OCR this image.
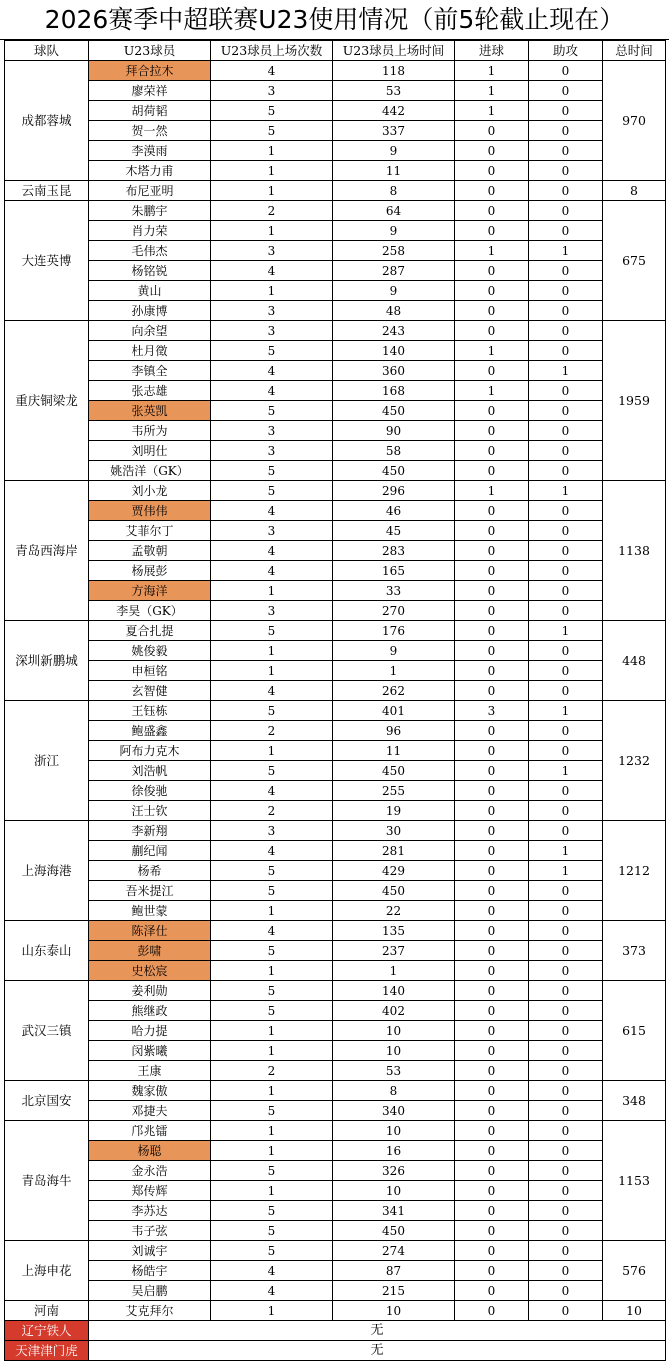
2026赛季中超联赛U23使用情况（前5轮截止现在）
球队	U23球员	U23球员上场次数	U23球员上场时间	进球	助攻	总时间
成都蓉城	拜合拉木	4	118	1	0	970
	廖荣祥	3	53	1	0	
	胡荷韬	5	442	1	0	
	贺一然	5	337	0	0	
	李漠雨	1	9	0	0	
	木塔力甫	1	11	0	0	
云南玉昆	布尼亚明	1	8	0	0	8
大连英博	朱鹏宇	2	64	0	0	675
	肖力荣	1	9	0	0	
	毛伟杰	3	258	1	1	
	杨铭锐	4	287	0	0	
	黄山	1	9	0	0	
	孙康博	3	48	0	0	
重庆铜梁龙	向余望	3	243	0	0	1959
	杜月徵	5	140	1	0	
	李镇全	4	360	0	1	
	张志雄	4	168	1	0	
	张英凯	5	450	0	0	
	韦所为	3	90	0	0	
	刘明仕	3	58	0	0	
	姚浩洋（GK）	5	450	0	0	
青岛西海岸	刘小龙	5	296	1	1	1138
	贾伟伟	4	46	0	0	
	艾菲尔丁	3	45	0	0	
	孟敬朝	4	283	0	0	
	杨展彭	4	165	0	0	
	方海洋	1	33	0	0	
	李昊（GK）	3	270	0	0	
深圳新鹏城	夏合扎提	5	176	0	1	448
	姚俊毅	1	9	0	0	
	申桓铭	1	1	0	0	
	玄智健	4	262	0	0	
浙江	王钰栋	5	401	3	1	1232
	鲍盛鑫	2	96	0	0	
	阿布力克木	1	11	0	0	
	刘浩帆	5	450	0	1	
	徐俊驰	4	255	0	0	
	汪士钦	2	19	0	0	
上海海港	李新翔	3	30	0	0	1212
	蒯纪闻	4	281	0	1	
	杨希	5	429	0	1	
	吾米提江	5	450	0	0	
	鲍世蒙	1	22	0	0	
山东泰山	陈泽仕	4	135	0	0	373
	彭啸	5	237	0	0	
	史松宸	1	1	0	0	
武汉三镇	姜利勋	5	140	0	0	615
	熊继政	5	402	0	0	
	哈力提	1	10	0	0	
	闵紫曦	1	10	0	0	
	王康	2	53	0	0	
北京国安	魏家傲	1	8	0	0	348
	邓捷夫	5	340	0	0	
青岛海牛	邝兆镭	1	10	0	0	1153
	杨聪	1	16	0	0	
	金永浩	5	326	0	0	
	郑传辉	1	10	0	0	
	李苏达	5	341	0	0	
	韦子弦	5	450	0	0	
上海申花	刘诚宇	5	274	0	0	576
	杨皓宇	4	87	0	0	
	吴启鹏	4	215	0	0	
河南	艾克拜尔	1	10	0	0	10
辽宁铁人	无					
天津津门虎	无					
